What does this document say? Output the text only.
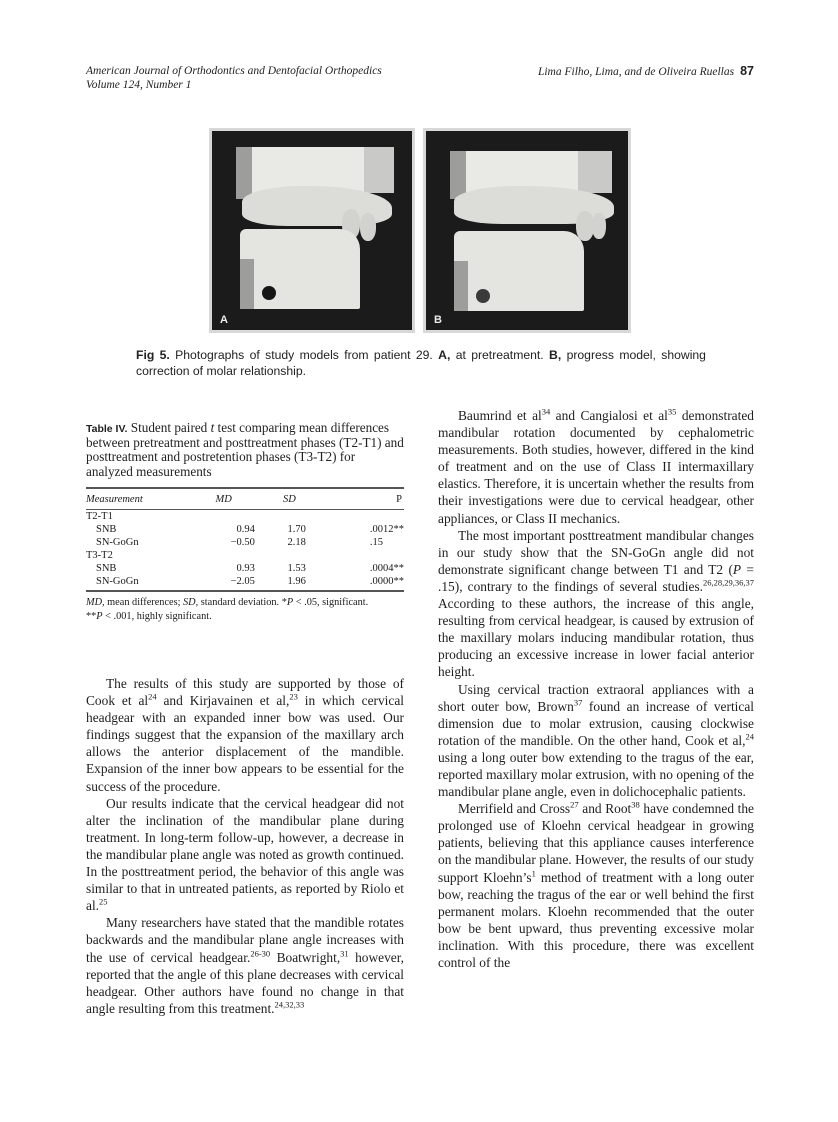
American Journal of Orthodontics and Dentofacial Orthopedics
Volume 124, Number 1
Lima Filho, Lima, and de Oliveira Ruellas 87
A	B
Fig 5. Photographs of study models from patient 29. A, at pretreatment. B, progress model, showing correction of molar relationship.
Table IV. Student paired t test comparing mean differences between pretreatment and posttreatment phases (T2-T1) and posttreatment and postretention phases (T3-T2) for analyzed measurements
Measurement	MD	SD	P

T2-T1			
SNB	0.94	1.70	.0012**
SN-GoGn	−0.50	2.18	.15
T3-T2			
SNB	0.93	1.53	.0004**
SN-GoGn	−2.05	1.96	.0000**
MD, mean differences; SD, standard deviation. *P < .05, significant.
**P < .001, highly significant.

The results of this study are supported by those of Cook et $al^{24}$ and Kirjavainen et al,$^{23}$ in which cervical headgear with an expanded inner bow was used. Our findings suggest that the expansion of the maxillary arch allows the anterior displacement of the mandible. Expansion of the inner bow appears to be essential for the success of the procedure.

Our results indicate that the cervical headgear did not alter the inclination of the mandibular plane during treatment. In long-term follow-up, however, a decrease in the mandibular plane angle was noted as growth continued. In the posttreatment period, the behavior of this angle was similar to that in untreated patients, as reported by Riolo et al.$^{25}$

Many researchers have stated that the mandible rotates backwards and the mandibular plane angle increases with the use of cervical headgear.$^{26-30}$ Boatwright,$^{31}$ however, reported that the angle of this plane decreases with cervical headgear. Other authors have found no change in that angle resulting from this treatment.$^{24,32,33}$

Baumrind et $al^{34}$ and Cangialosi et $al^{35}$ demonstrated mandibular rotation documented by cephalometric measurements. Both studies, however, differed in the kind of treatment and on the use of Class II intermaxillary elastics. Therefore, it is uncertain whether the results from their investigations were due to cervical headgear, other appliances, or Class II mechanics.

The most important posttreatment mandibular changes in our study show that the SN-GoGn angle did not demonstrate significant change between T1 and T2 (P = .15), contrary to the findings of several studies.$^{26,28,29,36,37}$ According to these authors, the increase of this angle, resulting from cervical headgear, is caused by extrusion of the maxillary molars inducing mandibular rotation, thus producing an excessive increase in lower facial anterior height.

Using cervical traction extraoral appliances with a short outer bow, Brown$^{37}$ found an increase of vertical dimension due to molar extrusion, causing clockwise rotation of the mandible. On the other hand, Cook et al,$^{24}$ using a long outer bow extending to the tragus of the ear, reported maxillary molar extrusion, with no opening of the mandibular plane angle, even in dolichocephalic patients.

Merrifield and Cross$^{27}$ and Root$^{38}$ have condemned the prolonged use of Kloehn cervical headgear in growing patients, believing that this appliance causes interference on the mandibular plane. However, the results of our study support $Kloehn’s^1$ method of treatment with a long outer bow, reaching the tragus of the ear or well behind the first permanent molars. Kloehn recommended that the outer bow be bent upward, thus preventing excessive molar inclination. With this procedure, there was excellent control of the
